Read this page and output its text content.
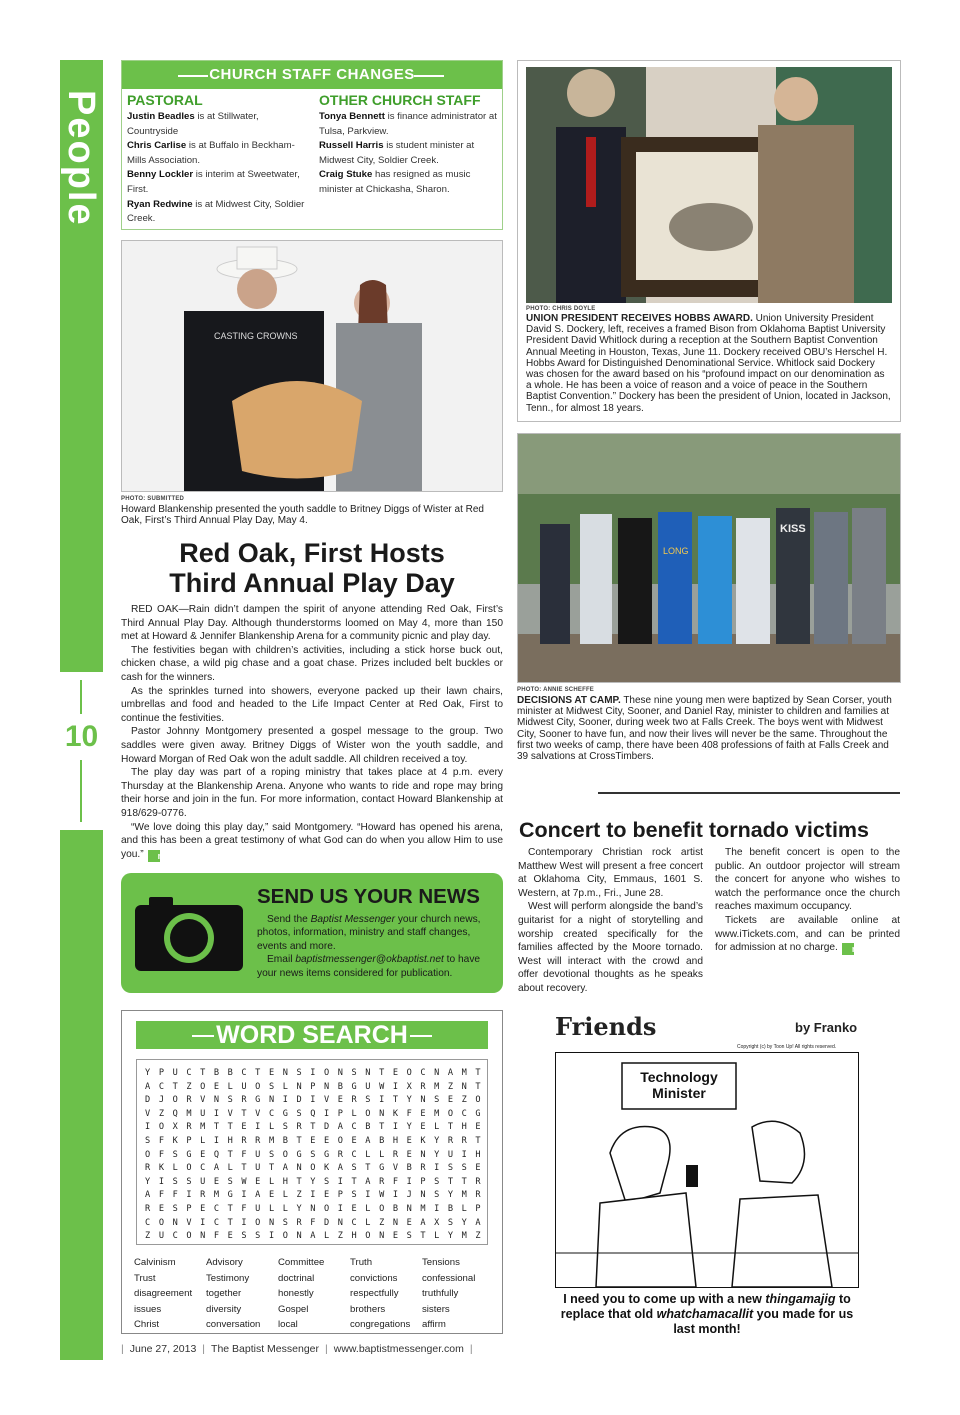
People
10
CHURCH STAFF CHANGES
PASTORAL
Justin Beadles is at Stillwater, Countryside
Chris Carlise is at Buffalo in Beckham-Mills Association.
Benny Lockler is interim at Sweetwater, First.
Ryan Redwine is at Midwest City, Soldier Creek.
OTHER CHURCH STAFF
Tonya Bennett is finance administrator at Tulsa, Parkview.
Russell Harris is student minister at Midwest City, Soldier Creek.
Craig Stuke has resigned as music minister at Chickasha, Sharon.
PHOTO: CHRIS DOYLE
UNION PRESIDENT RECEIVES HOBBS AWARD. Union University President David S. Dockery, left, receives a framed Bison from Oklahoma Baptist University President David Whitlock during a reception at the Southern Baptist Convention Annual Meeting in Houston, Texas, June 11. Dockery received OBU’s Herschel H. Hobbs Award for Distinguished Denominational Service. Whitlock said Dockery was chosen for the award based on his “profound impact on our denomination as a whole. He has been a voice of reason and a voice of peace in the Southern Baptist Convention.” Dockery has been the president of Union, located in Jackson, Tenn., for almost 18 years.
CASTING CROWNS
PHOTO: SUBMITTED
Howard Blankenship presented the youth saddle to Britney Diggs of Wister at Red Oak, First’s Third Annual Play Day, May 4.
Red Oak, First Hosts
Third Annual Play Day

RED OAK—Rain didn’t dampen the spirit of anyone attending Red Oak, First’s Third Annual Play Day. Although thunderstorms loomed on May 4, more than 150 met at Howard & Jennifer Blankenship Arena for a community picnic and play day.

The festivities began with children’s activities, including a stick horse buck out, chicken chase, a wild pig chase and a goat chase. Prizes included belt buckles or cash for the winners.

As the sprinkles turned into showers, everyone packed up their lawn chairs, umbrellas and food and headed to the Life Impact Center at Red Oak, First to continue the festivities.

Pastor Johnny Montgomery presented a gospel message to the group. Two saddles were given away. Britney Diggs of Wister won the youth saddle, and Howard Morgan of Red Oak won the adult saddle. All children received a toy.

The play day was part of a roping ministry that takes place at 4 p.m. every Thursday at the Blankenship Arena. Anyone who wants to ride and rope may bring their horse and join in the fun. For more information, contact Howard Blankenship at 918/629-0776.

“We love doing this play day,” said Montgomery. “Howard has opened his arena, and this has been a great testimony of what God can do when you allow Him to use you.” m

LONG
KISS
PHOTO: ANNIE SCHEFFE
DECISIONS AT CAMP. These nine young men were baptized by Sean Corser, youth minister at Midwest City, Sooner, and Daniel Ray, minister to children and families at Midwest City, Sooner, during week two at Falls Creek. The boys went with Midwest City, Sooner to have fun, and now their lives will never be the same. Throughout the first two weeks of camp, there have been 408 professions of faith at Falls Creek and 39 salvations at CrossTimbers.
Concert to benefit tornado victims

Contemporary Christian rock artist Matthew West will present a free concert at Oklahoma City, Emmaus, 1601 S. Western, at 7p.m., Fri., June 28.

West will perform alongside the band’s guitarist for a night of storytelling and worship created specifically for the families affected by the Moore tornado. West will interact with the crowd and offer devotional thoughts as he speaks about recovery.

The benefit concert is open to the public. An outdoor projector will stream the concert for anyone who wishes to watch the performance once the church reaches maximum occupancy.

Tickets are available online at www.iTickets.com, and can be printed for admission at no charge. m

SEND US YOUR NEWS

Send the Baptist Messenger your church news, photos, information, ministry and staff changes, events and more.

Email baptistmessenger@okbaptist.net to have your news items considered for publication.

WORD SEARCH
Y P U C T B B C T E N S I O N S N T E O C N A M T
A C T Z O E L U O S L N P N B G U W I X R M Z N T
D J O R V N S R G N I D I V E R S I T Y N S E Z O
V Z Q M U I V T V C G S Q I P L O N K F E M O C G
I O X R M T T E I L S R T D A C B T I Y E L T H E
S F K P L I H R R M B T E E O E A B H E K Y R R T
O F S G E Q T F U S O G S G R C L L R E N Y U I H
R K L O C A L T U T A N O K A S T G V B R I S S E
Y I S S U E S W E L H T Y S I T A R F I P S T T R
A F F I R M G I A E L Z I E P S I W I J N S Y M R
R E S P E C T F U L L Y N O I E L O B N M I B L P
C O N V I C T I O N S R F D N C L Z N E A X S Y A
Z U C O N F E S S I O N A L Z H O N E S T L Y M Z
Calvinism
Trust
disagreement
issues
Christ
Advisory
Testimony
together
diversity
conversation
Committee
doctrinal
honestly
Gospel
local
Truth
convictions
respectfully
brothers
congregations
Tensions
confessional
truthfully
sisters
affirm
Friends	by Franko
Copyright (c) by Toon Up! All rights reserved.
Technology Minister
I need you to come up with a new thingamajig to replace that old whatchamacallit you made for us last month!
| June 27, 2013 | The Baptist Messenger | www.baptistmessenger.com |
